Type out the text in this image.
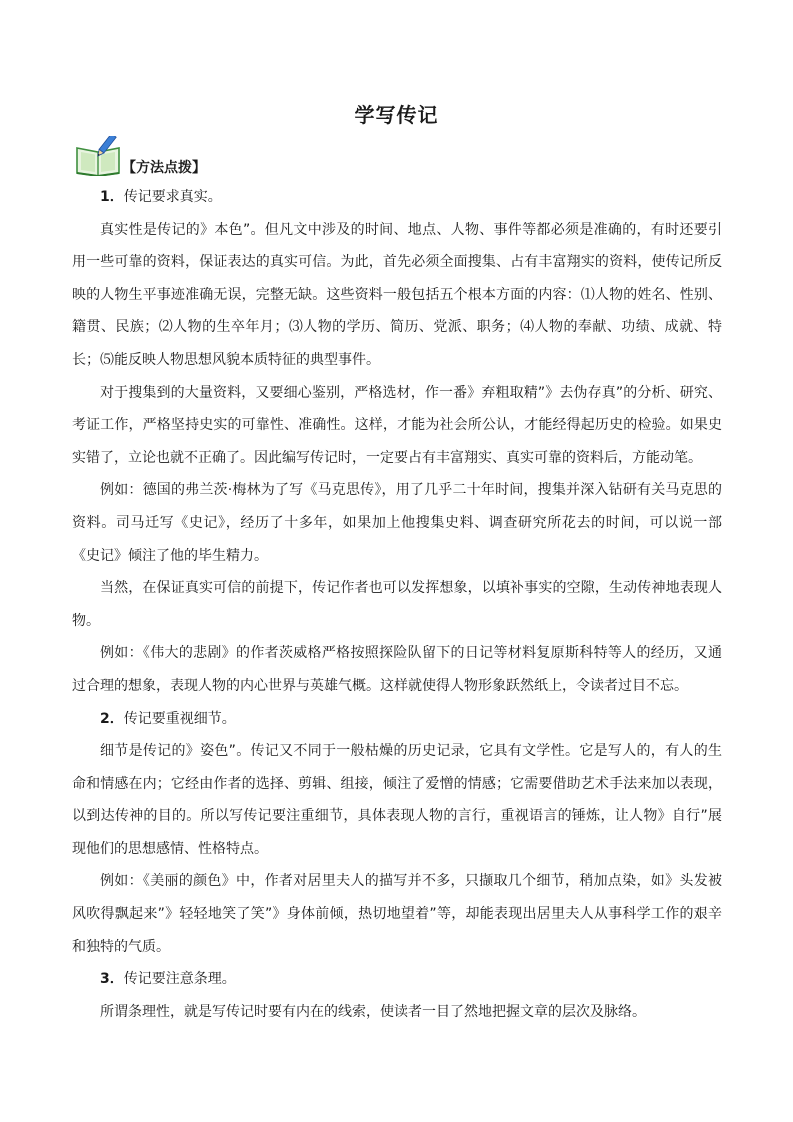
学写传记
【方法点拨】

1．传记要求真实。

真实性是传记的》本色”。但凡文中涉及的时间、地点、人物、事件等都必须是准确的，有时还要引用一些可靠的资料，保证表达的真实可信。为此，首先必须全面搜集、占有丰富翔实的资料，使传记所反映的人物生平事迹准确无误，完整无缺。这些资料一般包括五个根本方面的内容：⑴人物的姓名、性别、籍贯、民族；⑵人物的生卒年月；⑶人物的学历、简历、党派、职务；⑷人物的奉献、功绩、成就、特长；⑸能反映人物思想风貌本质特征的典型事件。

对于搜集到的大量资料，又要细心鉴别，严格选材，作一番》弃粗取精”》去伪存真”的分析、研究、考证工作，严格坚持史实的可靠性、准确性。这样，才能为社会所公认，才能经得起历史的检验。如果史实错了，立论也就不正确了。因此编写传记时，一定要占有丰富翔实、真实可靠的资料后，方能动笔。

例如：德国的弗兰茨·梅林为了写《马克思传》，用了几乎二十年时间，搜集并深入钻研有关马克思的资料。司马迁写《史记》，经历了十多年，如果加上他搜集史料、调查研究所花去的时间，可以说一部《史记》倾注了他的毕生精力。

当然，在保证真实可信的前提下，传记作者也可以发挥想象，以填补事实的空隙，生动传神地表现人物。

例如：《伟大的悲剧》的作者茨威格严格按照探险队留下的日记等材料复原斯科特等人的经历，又通过合理的想象，表现人物的内心世界与英雄气概。这样就使得人物形象跃然纸上，令读者过目不忘。

2．传记要重视细节。

细节是传记的》姿色”。传记又不同于一般枯燥的历史记录，它具有文学性。它是写人的，有人的生命和情感在内；它经由作者的选择、剪辑、组接，倾注了爱憎的情感；它需要借助艺术手法来加以表现，以到达传神的目的。所以写传记要注重细节，具体表现人物的言行，重视语言的锤炼，让人物》自行”展现他们的思想感情、性格特点。

例如：《美丽的颜色》中，作者对居里夫人的描写并不多，只撷取几个细节，稍加点染，如》头发被风吹得飘起来”》轻轻地笑了笑”》身体前倾，热切地望着”等，却能表现出居里夫人从事科学工作的艰辛和独特的气质。

3．传记要注意条理。

所谓条理性，就是写传记时要有内在的线索，使读者一目了然地把握文章的层次及脉络。
